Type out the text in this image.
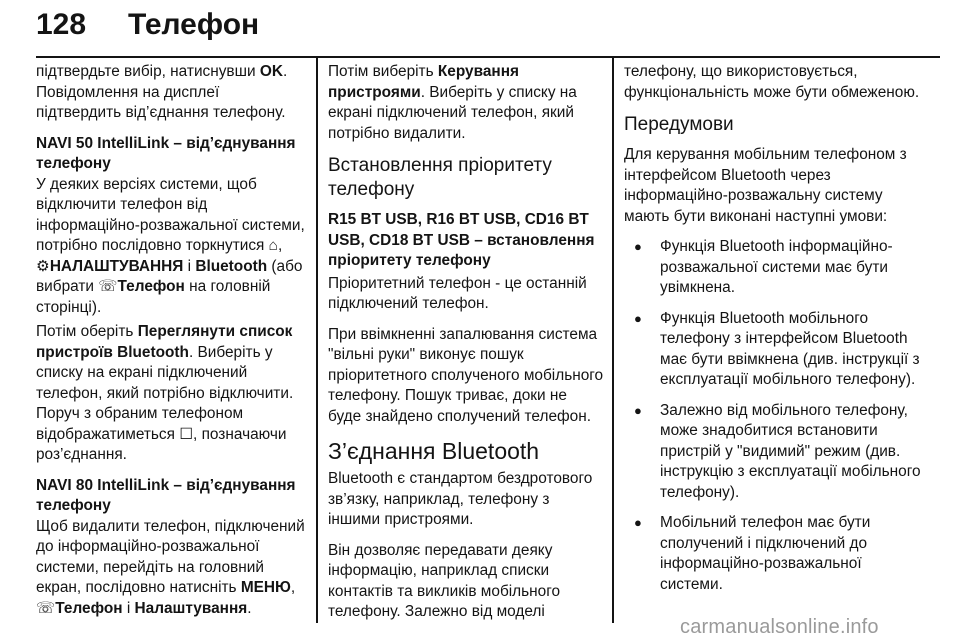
128 Телефон

підтвердьте вибір, натиснувши OK. Повідомлення на дисплеї підтвердить від’єднання телефону.

NAVI 50 IntelliLink – від’єднування телефону

У деяких версіях системи, щоб відключити телефон від інформаційно-розважальної системи, потрібно послідовно торкнутися ⌂, ⚙НАЛАШТУВАННЯ і Bluetooth (або вибрати ☏Телефон на головній сторінці).

Потім оберіть Переглянути список пристроїв Bluetooth. Виберіть у списку на екрані підключений телефон, який потрібно відключити. Поруч з обраним телефоном відображатиметься ☐, позначаючи роз’єднання.

NAVI 80 IntelliLink – від’єднування телефону

Щоб видалити телефон, підключений до інформаційно-розважальної системи, перейдіть на головний екран, послідовно натисніть МЕНЮ, ☏Телефон і Налаштування.

Потім виберіть Керування пристроями. Виберіть у списку на екрані підключений телефон, який потрібно видалити.

Встановлення пріоритету телефону
R15 BT USB, R16 BT USB, CD16 BT USB, CD18 BT USB – встановлення пріоритету телефону

Пріоритетний телефон - це останній підключений телефон.

При ввімкненні запалювання система "вільні руки" виконує пошук пріоритетного сполученого мобільного телефону. Пошук триває, доки не буде знайдено сполучений телефон.

З’єднання Bluetooth

Bluetooth є стандартом бездротового зв’язку, наприклад, телефону з іншими пристроями.

Він дозволяє передавати деяку інформацію, наприклад списки контактів та викликів мобільного телефону. Залежно від моделі

телефону, що використовується, функціональність може бути обмеженою.

Передумови

Для керування мобільним телефоном з інтерфейсом Bluetooth через інформаційно-розважальну систему мають бути виконані наступні умови:

● Функція Bluetooth інформаційно-розважальної системи має бути увімкнена.
● Функція Bluetooth мобільного телефону з інтерфейсом Bluetooth має бути ввімкнена (див. інструкції з експлуатації мобільного телефону).
● Залежно від мобільного телефону, може знадобитися встановити пристрій у "видимий" режим (див. інструкцію з експлуатації мобільного телефону).
● Мобільний телефон має бути сполучений і підключений до інформаційно-розважальної системи.
carmanualsonline.info
